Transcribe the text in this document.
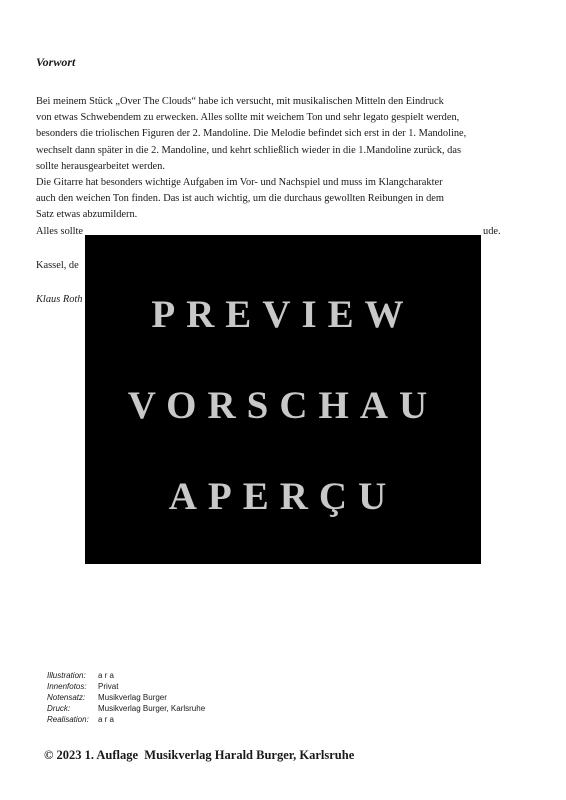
Vorwort

Bei meinem Stück „Over The Clouds“ habe ich versucht, mit musikalischen Mitteln den Eindruck

von etwas Schwebendem zu erwecken. Alles sollte mit weichem Ton und sehr legato gespielt werden,

besonders die triolischen Figuren der 2. Mandoline. Die Melodie befindet sich erst in der 1. Mandoline,

wechselt dann später in die 2. Mandoline, und kehrt schließlich wieder in die 1.Mandoline zurück, das

sollte herausgearbeitet werden.

Die Gitarre hat besonders wichtige Aufgaben im Vor- und Nachspiel und muss im Klangcharakter

auch den weichen Ton finden. Das ist auch wichtig, um die durchaus gewollten Reibungen in dem

Satz etwas abzumildern.

Alles sollte	ude.

Kassel, de

Klaus Roth	PREVIEW
VORSCHAU
APERÇU
Illustration:	a r a
Innenfotos:	Privat
Notensatz:	Musikverlag Burger
Druck:	Musikverlag Burger, Karlsruhe
Realisation:	a r a
© 2023 1. Auflage  Musikverlag Harald Burger, Karlsruhe
